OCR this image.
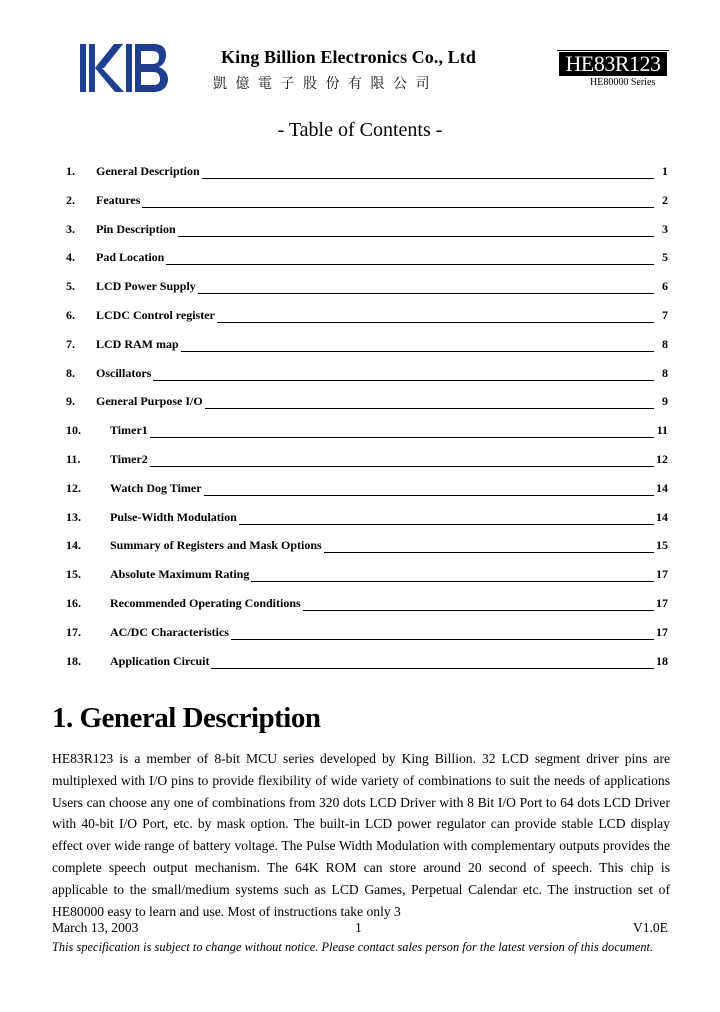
King Billion Electronics Co., Ltd
凱億電子股份有限公司
HE83R123
HE80000 Series
- Table of Contents -
1. General Description	1
2. Features	2
3. Pin Description	3
4. Pad Location	5
5. LCD Power Supply	6
6. LCDC Control register	7
7. LCD RAM map	8
8. Oscillators	8
9. General Purpose I/O	9
10. Timer1	11
11. Timer2	12
12. Watch Dog Timer	14
13. Pulse-Width Modulation	14
14. Summary of Registers and Mask Options	15
15. Absolute Maximum Rating	17
16. Recommended Operating Conditions	17
17. AC/DC Characteristics	17
18. Application Circuit	18
1. General Description

HE83R123 is a member of 8-bit MCU series developed by King Billion. 32 LCD segment driver pins are multiplexed with I/O pins to provide flexibility of wide variety of combinations to suit the needs of applications Users can choose any one of combinations from 320 dots LCD Driver with 8 Bit I/O Port to 64 dots LCD Driver with 40-bit I/O Port, etc. by mask option. The built-in LCD power regulator can provide stable LCD display effect over wide range of battery voltage. The Pulse Width Modulation with complementary outputs provides the complete speech output mechanism. The 64K ROM can store around 20 second of speech. This chip is applicable to the small/medium systems such as LCD Games, Perpetual Calendar etc. The instruction set of HE80000 easy to learn and use. Most of instructions take only 3

March 13, 2003	1	V1.0E
This specification is subject to change without notice. Please contact sales person for the latest version of this document.
